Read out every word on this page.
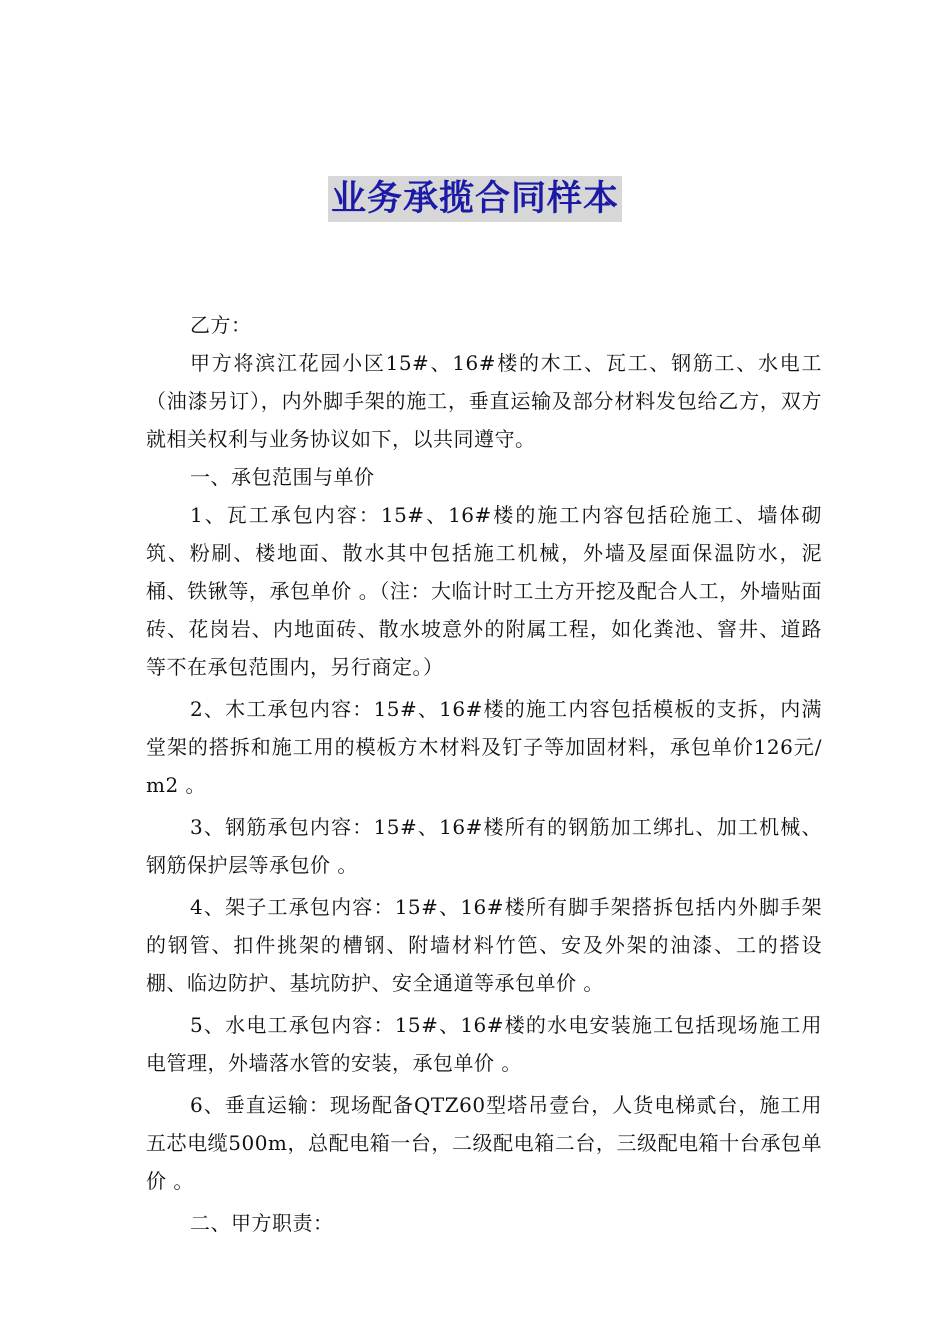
业务承揽合同样本

乙方：

甲方将滨江花园小区15#、16#楼的木工、瓦工、钢筋工、水电工（油漆另订），内外脚手架的施工，垂直运输及部分材料发包给乙方，双方就相关权利与业务协议如下，以共同遵守。

一、承包范围与单价

1、瓦工承包内容：15#、16#楼的施工内容包括砼施工、墙体砌筑、粉刷、楼地面、散水其中包括施工机械，外墙及屋面保温防水，泥桶、铁锹等，承包单价 。（注：大临计时工土方开挖及配合人工，外墙贴面砖、花岗岩、内地面砖、散水坡意外的附属工程，如化粪池、窨井、道路等不在承包范围内，另行商定。）

2、木工承包内容：15#、16#楼的施工内容包括模板的支拆，内满堂架的搭拆和施工用的模板方木材料及钉子等加固材料，承包单价126元/m2 。

3、钢筋承包内容：15#、16#楼所有的钢筋加工绑扎、加工机械、钢筋保护层等承包价 。

4、架子工承包内容：15#、16#楼所有脚手架搭拆包括内外脚手架的钢管、扣件挑架的槽钢、附墙材料竹笆、安及外架的油漆、工的搭设棚、临边防护、基坑防护、安全通道等承包单价 。

5、水电工承包内容：15#、16#楼的水电安装施工包括现场施工用电管理，外墙落水管的安装，承包单价 。

6、垂直运输：现场配备QTZ60型塔吊壹台，人货电梯贰台，施工用五芯电缆500m，总配电箱一台，二级配电箱二台，三级配电箱十台承包单价 。

二、甲方职责：
